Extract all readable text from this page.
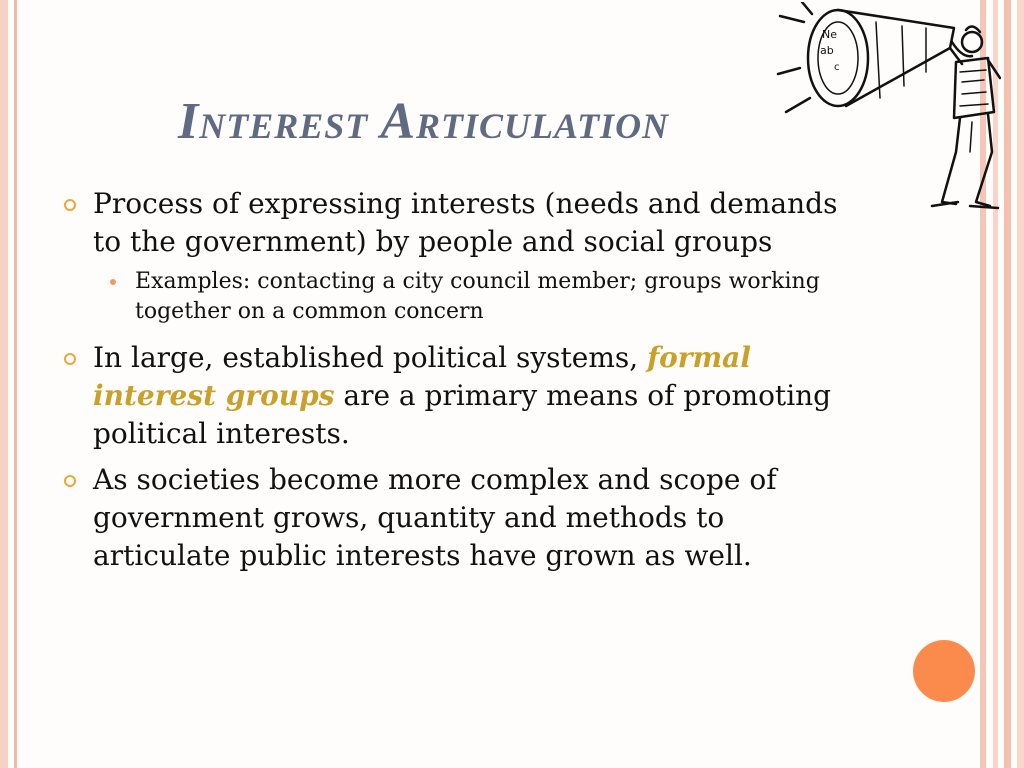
Interest Articulation
Ne
ab
c
Process of expressing interests (needs and demands to the government) by people and social groups
Examples: contacting a city council member; groups working together on a common concern
In large, established political systems, formal interest groups are a primary means of promoting political interests.
As societies become more complex and scope of government grows, quantity and methods to articulate public interests have grown as well.
